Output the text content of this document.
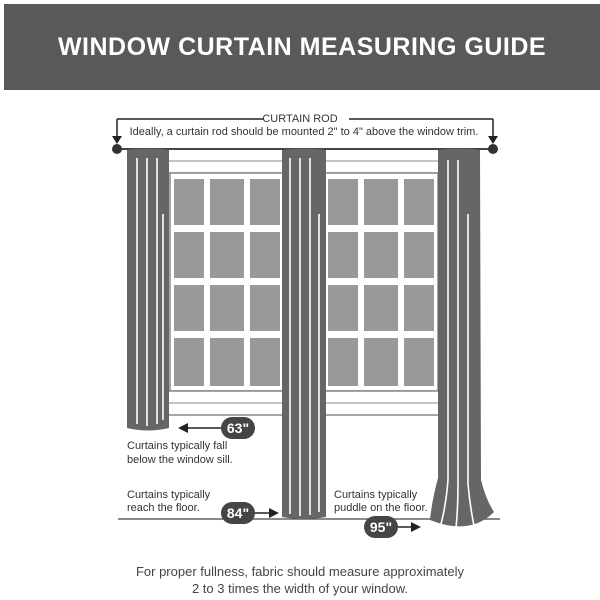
WINDOW CURTAIN MEASURING GUIDE
CURTAIN ROD
Ideally, a curtain rod should be mounted 2" to 4" above the window trim.
63"
Curtains typically fall
below the window sill.
84"
Curtains typically
reach the floor.
95"
Curtains typically
puddle on the floor.
For proper fullness, fabric should measure approximately
2 to 3 times the width of your window.
